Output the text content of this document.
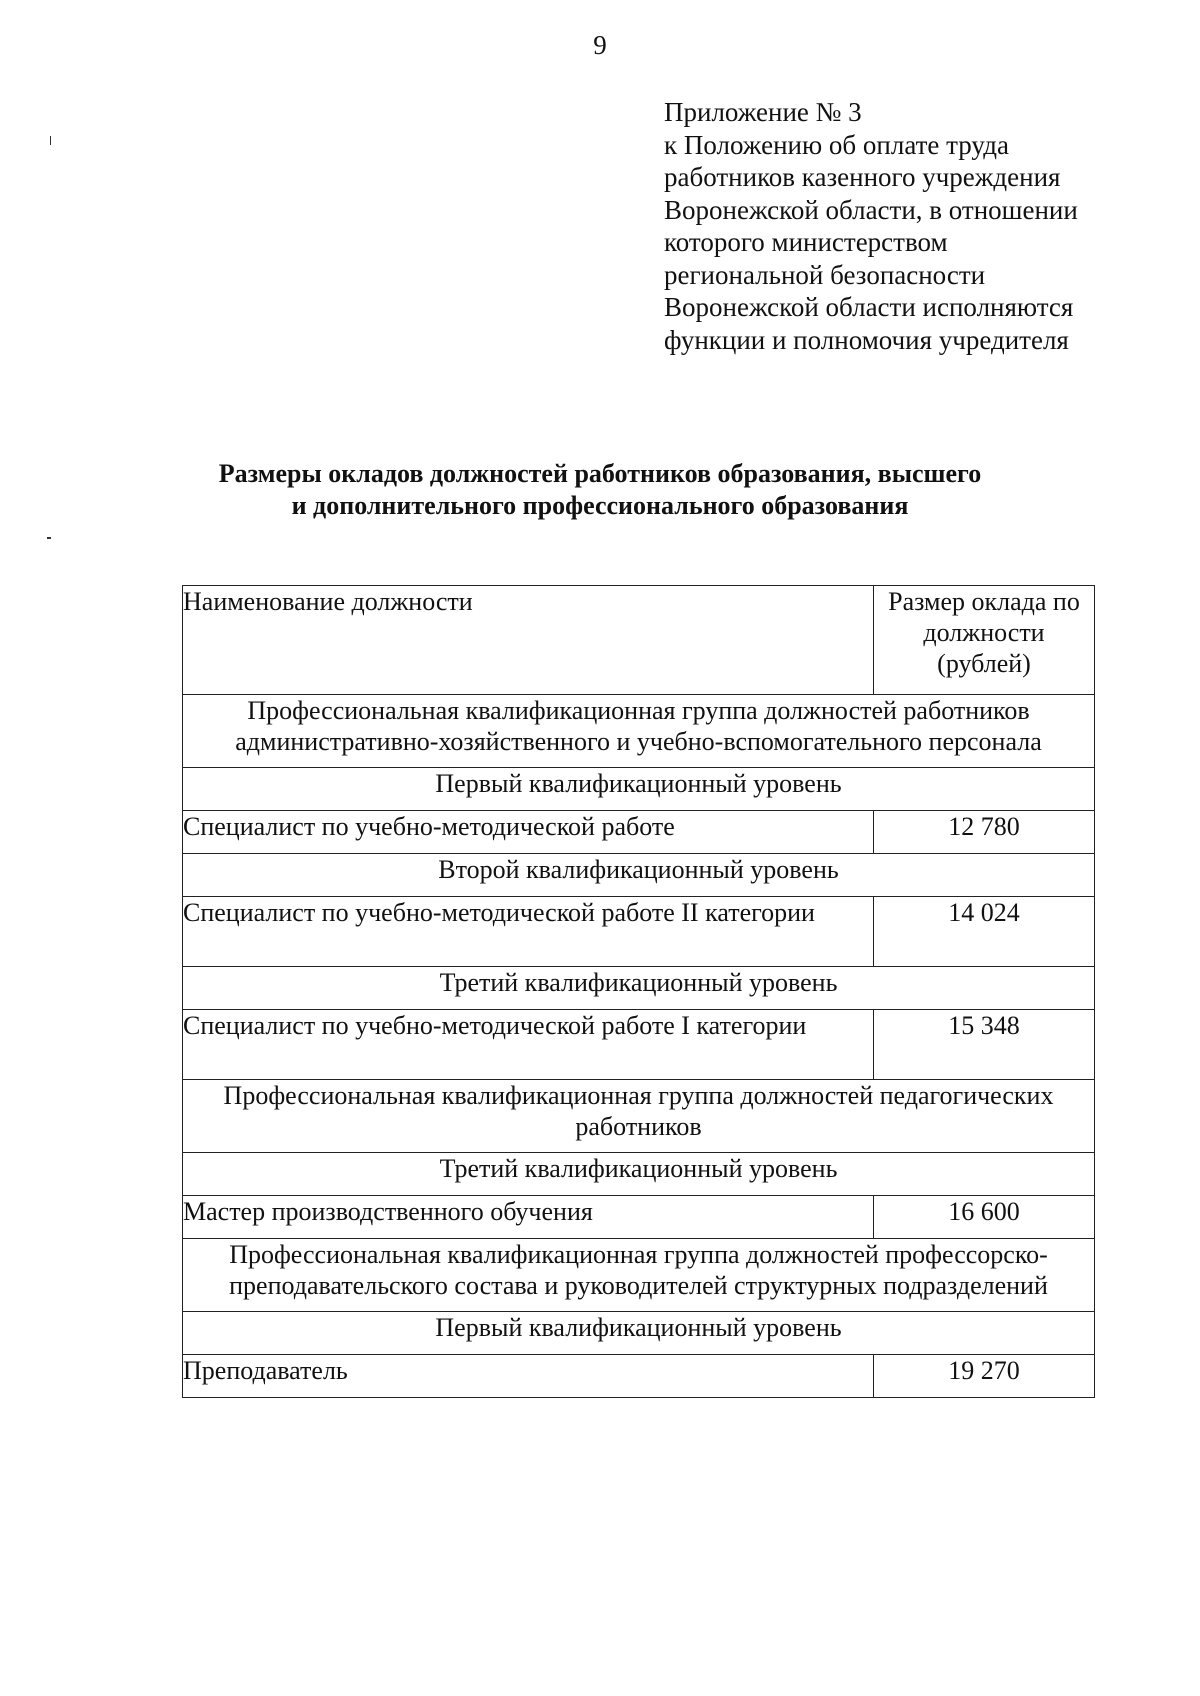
9
Приложение № 3
к Положению об оплате труда
работников казенного учреждения
Воронежской области, в отношении
которого министерством
региональной безопасности
Воронежской области исполняются
функции и полномочия учредителя
Размеры окладов должностей работников образования, высшего
и дополнительного профессионального образования
Наименование должности	Размер оклада по должности (рублей)
Профессиональная квалификационная группа должностей работников административно-хозяйственного и учебно-вспомогательного персонала	
Первый квалификационный уровень	
Специалист по учебно-методической работе	12 780
Второй квалификационный уровень	
Специалист по учебно-методической работе II категории	14 024
Третий квалификационный уровень	
Специалист по учебно-методической работе I категории	15 348
Профессиональная квалификационная группа должностей педагогических работников	
Третий квалификационный уровень	
Мастер производственного обучения	16 600
Профессиональная квалификационная группа должностей профессорско-преподавательского состава и руководителей структурных подразделений	
Первый квалификационный уровень	
Преподаватель	19 270
